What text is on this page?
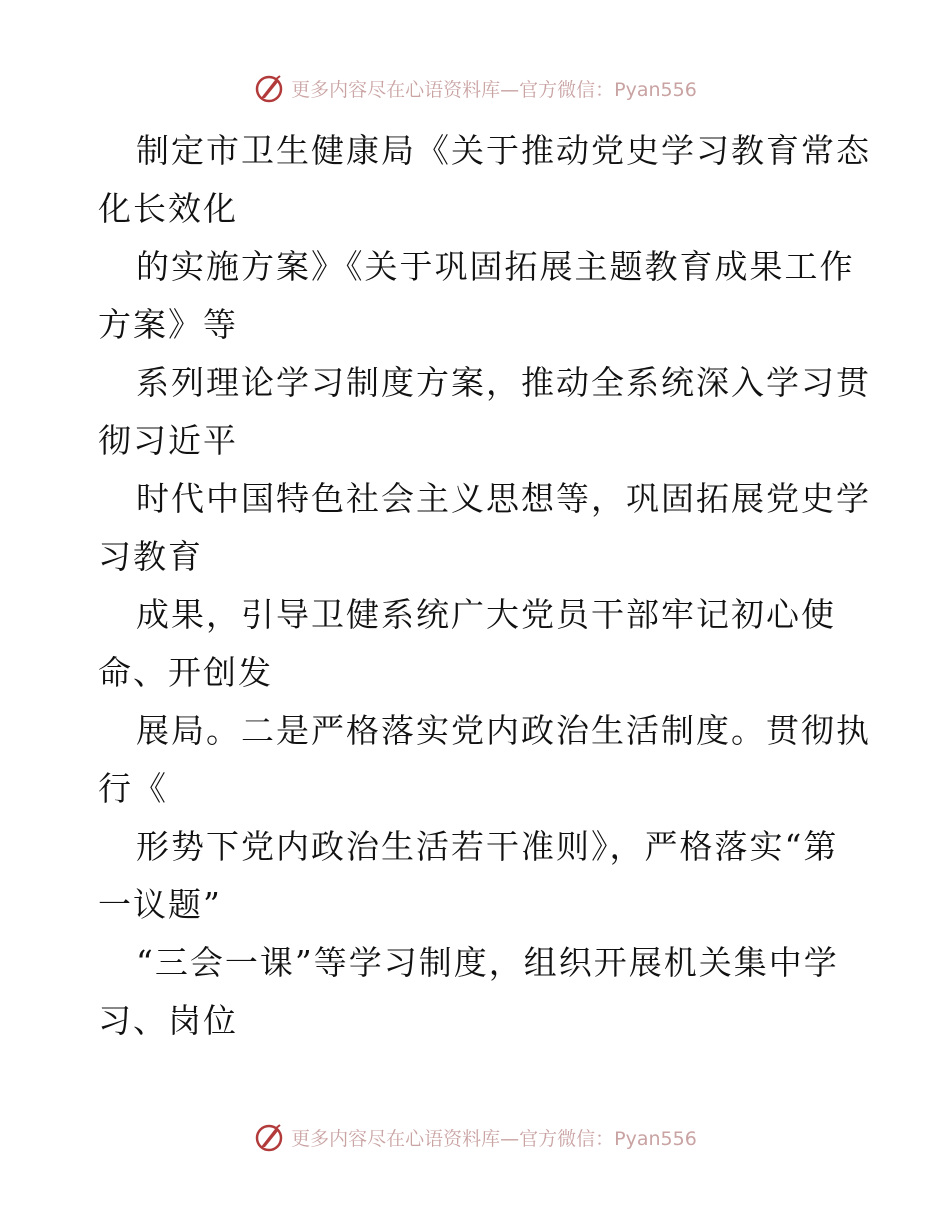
更多内容尽在心语资料库—官方微信：Pyan556

制定市卫生健康局《关于推动党史学习教育常态
化长效化

的实施方案》《关于巩固拓展主题教育成果工作
方案》等

系列理论学习制度方案，推动全系统深入学习贯
彻习近平

时代中国特色社会主义思想等，巩固拓展党史学
习教育

成果，引导卫健系统广大党员干部牢记初心使
命、开创发

展局。二是严格落实党内政治生活制度。贯彻执
行《

形势下党内政治生活若干准则》，严格落实“第
一议题”

“三会一课”等学习制度，组织开展机关集中学
习、岗位

更多内容尽在心语资料库—官方微信：Pyan556
